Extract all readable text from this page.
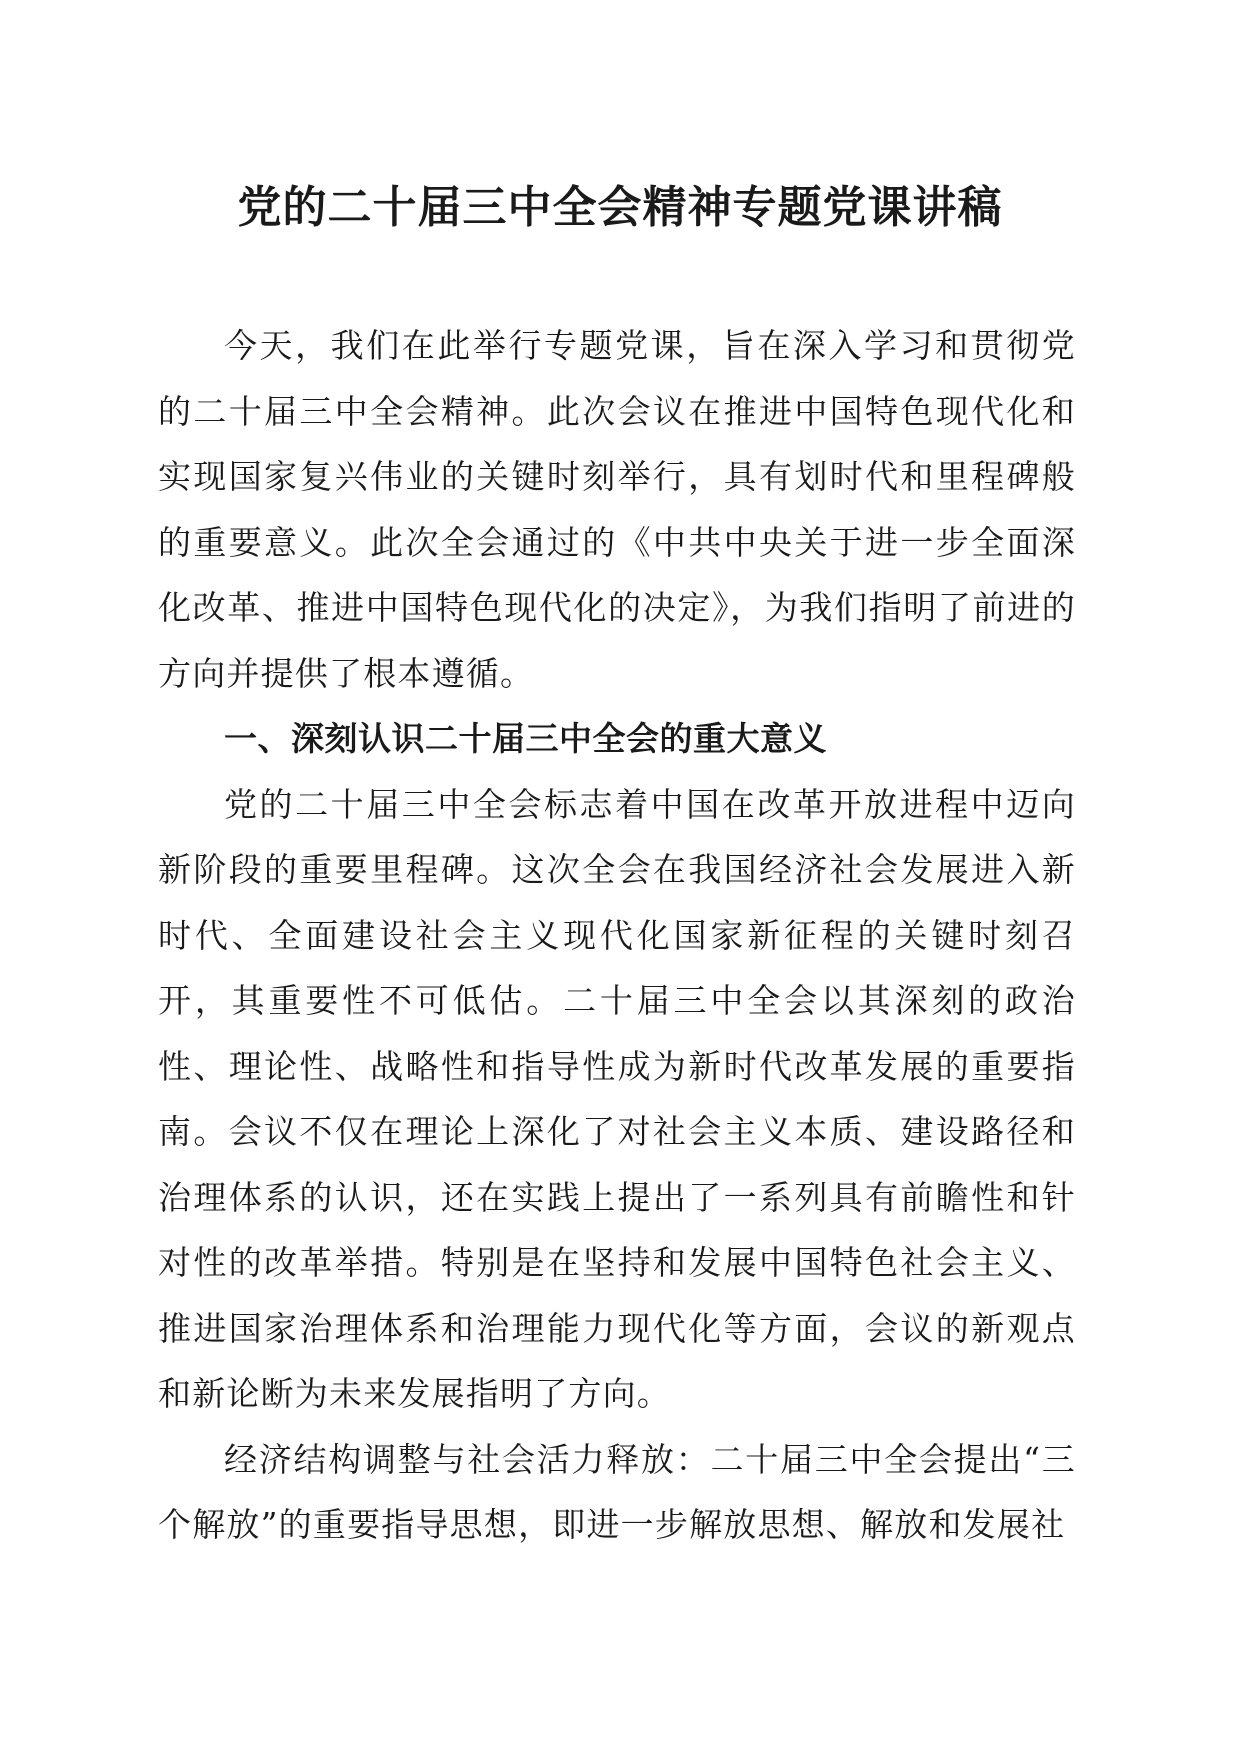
党的二十届三中全会精神专题党课讲稿

今天，我们在此举行专题党课，旨在深入学习和贯彻党的二十届三中全会精神。此次会议在推进中国特色现代化和实现国家复兴伟业的关键时刻举行，具有划时代和里程碑般的重要意义。此次全会通过的《中共中央关于进一步全面深化改革、推进中国特色现代化的决定》，为我们指明了前进的方向并提供了根本遵循。

一、深刻认识二十届三中全会的重大意义

党的二十届三中全会标志着中国在改革开放进程中迈向新阶段的重要里程碑。这次全会在我国经济社会发展进入新时代、全面建设社会主义现代化国家新征程的关键时刻召开，其重要性不可低估。二十届三中全会以其深刻的政治性、理论性、战略性和指导性成为新时代改革发展的重要指南。会议不仅在理论上深化了对社会主义本质、建设路径和治理体系的认识，还在实践上提出了一系列具有前瞻性和针对性的改革举措。特别是在坚持和发展中国特色社会主义、推进国家治理体系和治理能力现代化等方面，会议的新观点和新论断为未来发展指明了方向。

经济结构调整与社会活力释放：二十届三中全会提出“三个解放”的重要指导思想，即进一步解放思想、解放和发展社
